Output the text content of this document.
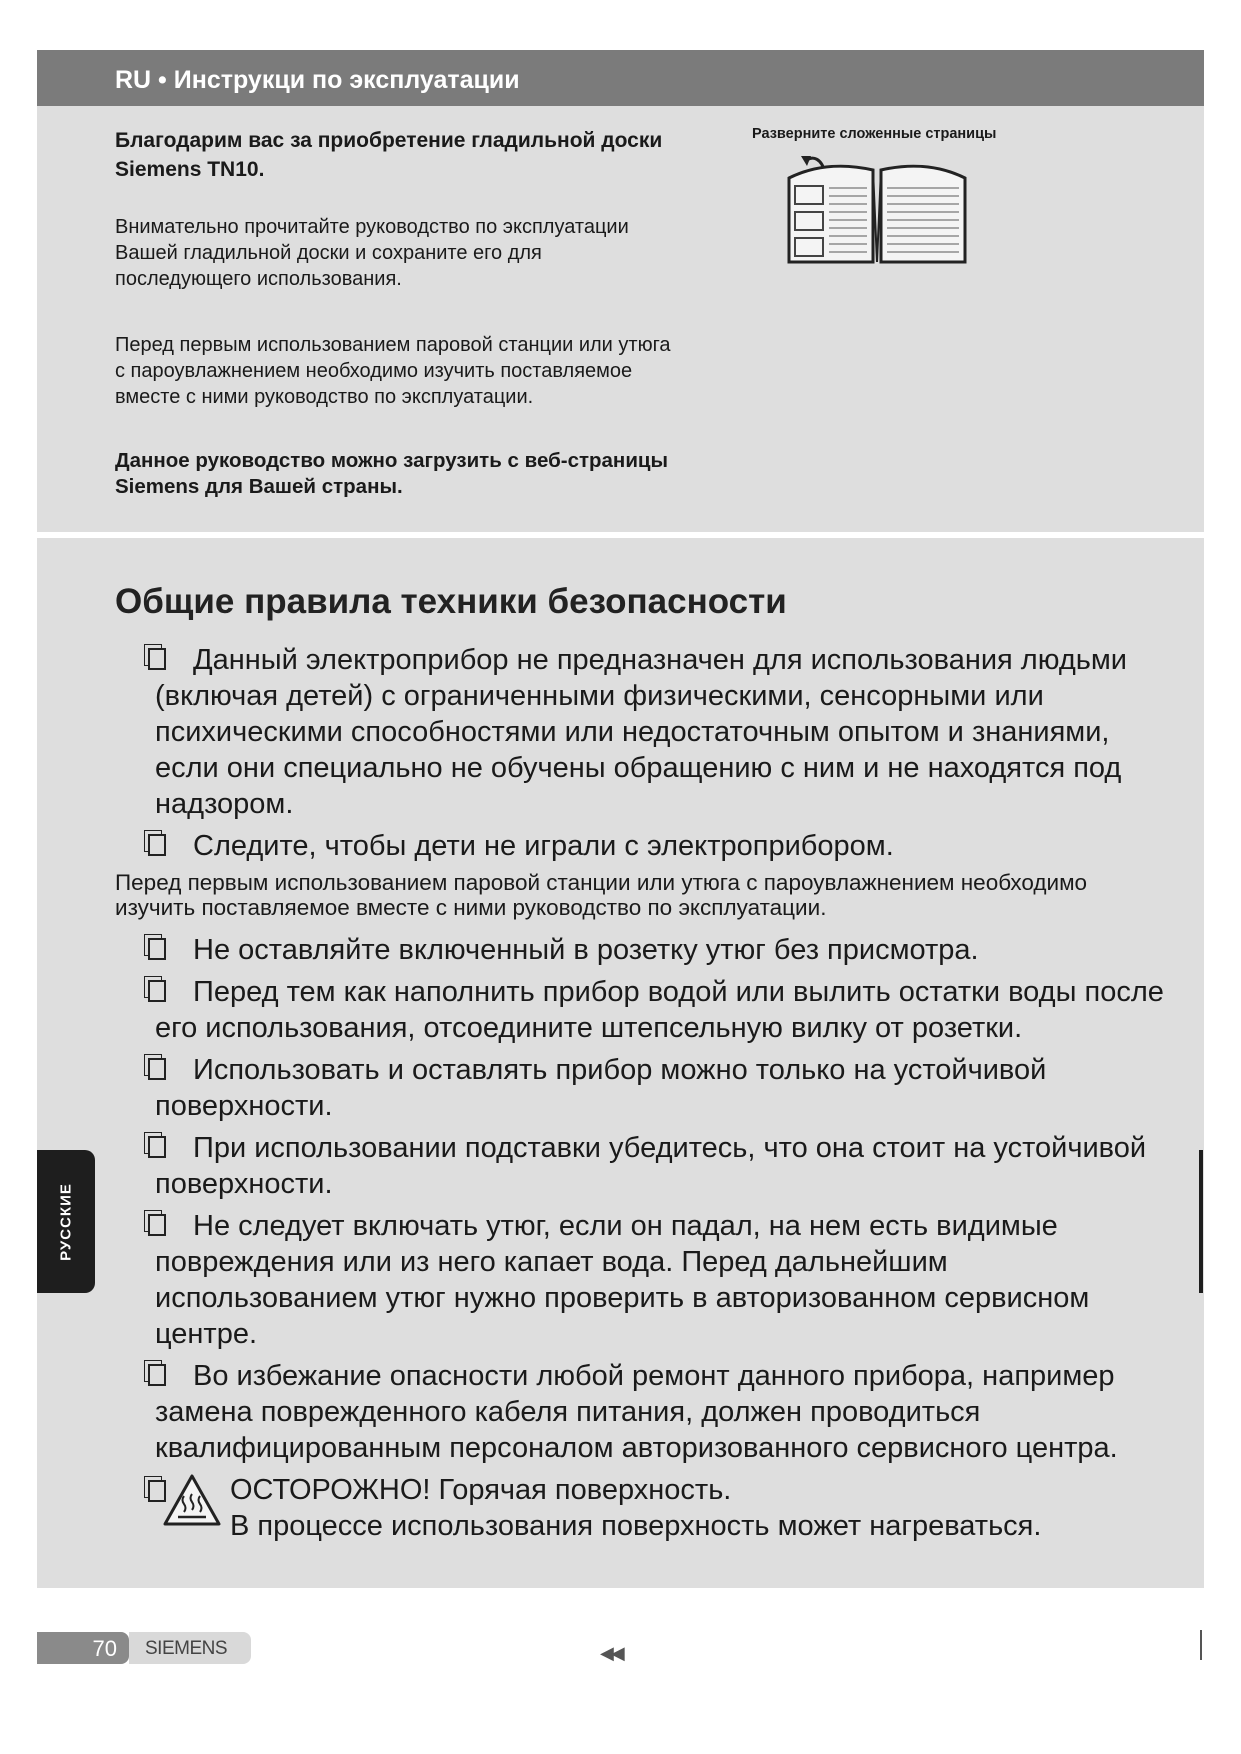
RU • Инструкци по эксплуатации
Благодарим вас за приобретение гладильной доски Siemens TN10.
Внимательно прочитайте руководство по эксплуатации Вашей гладильной доски и сохраните его для последующего использования.
Перед первым использованием паровой станции или утюга с пароувлажнением необходимо изучить поставляемое вместе с ними руководство по эксплуатации.
Данное руководство можно загрузить с веб-страницы Siemens для Вашей страны.
Разверните сложенные страницы
Общие правила техники безопасности
Данный электроприбор не предназначен для использования людьми (включая детей) с ограниченными физическими, сенсорными или психическими способностями или недостаточным опытом и знаниями, если они специально не обучены обращению с ним и не находятся под надзором.
Следите, чтобы дети не играли с электроприбором.
Перед первым использованием паровой станции или утюга с пароувлажнением необходимо изучить поставляемое вместе с ними руководство по эксплуатации.
Не оставляйте включенный в розетку утюг без присмотра.
Перед тем как наполнить прибор водой или вылить остатки воды после его использования, отсоедините штепсельную вилку от розетки.
Использовать и оставлять прибор можно только на устойчивой поверхности.
При использовании подставки убедитесь, что она стоит на устойчивой поверхности.
Не следует включать утюг, если он падал, на нем есть видимые повреждения или из него капает вода. Перед дальнейшим использованием утюг нужно проверить в авторизованном сервисном центре.
Во избежание опасности любой ремонт данного прибора, например замена поврежденного кабеля питания, должен проводиться квалифицированным персоналом авторизованного сервисного центра.
ОСТОРОЖНО! Горячая поверхность.
В процессе использования поверхность может нагреваться.
РУССКИЕ
70	SIEMENS	◀◀
